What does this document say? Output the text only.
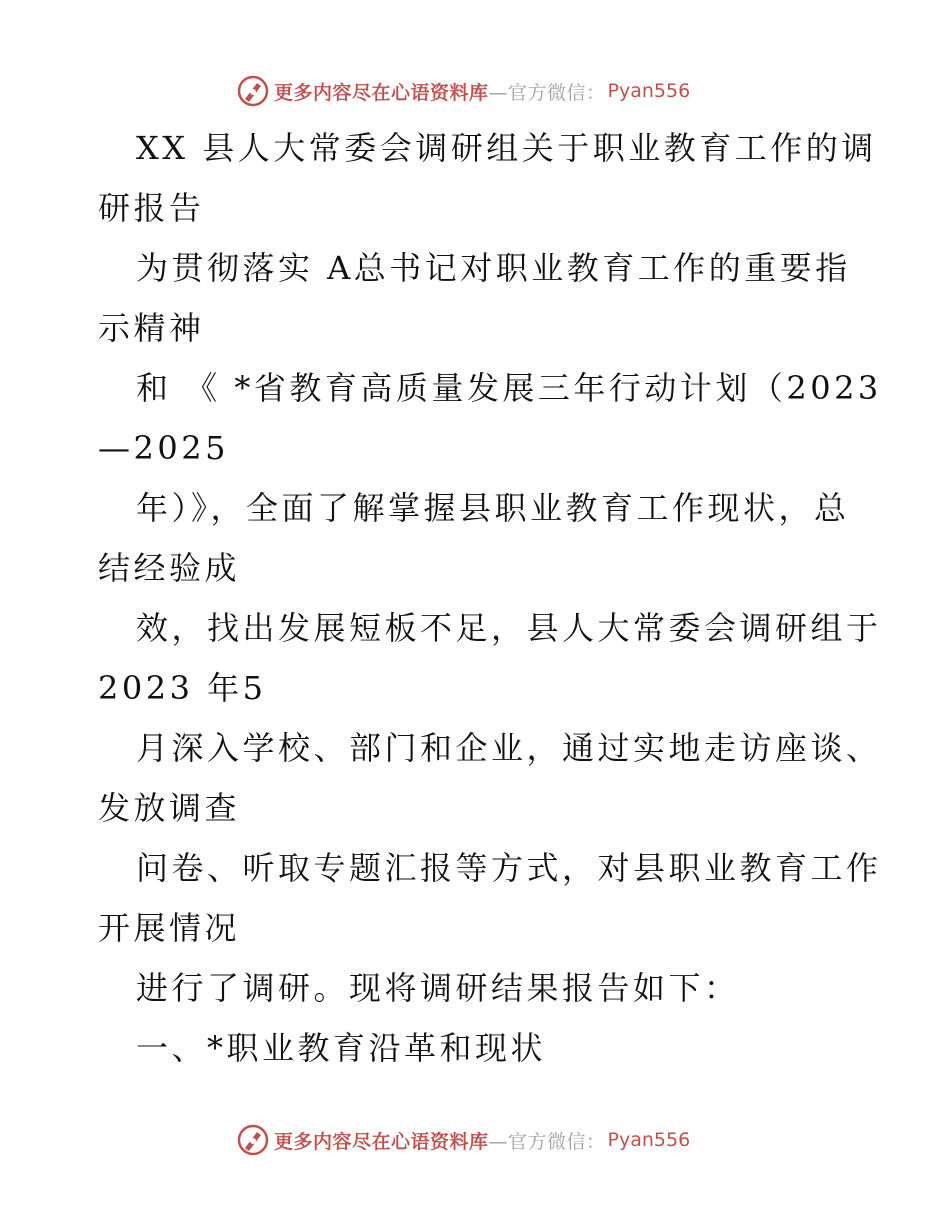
更多内容尽在心语资料库 —官方微信： Pyan556

XX 县人大常委会调研组关于职业教育工作的调

研报告

为贯彻落实 A总书记对职业教育工作的重要指

示精神

和 《 *省教育高质量发展三年行动计划（2023

—2025

年）》，全面了解掌握县职业教育工作现状，总

结经验成

效，找出发展短板不足，县人大常委会调研组于

2023 年5

月深入学校、部门和企业，通过实地走访座谈、

发放调查

问卷、听取专题汇报等方式，对县职业教育工作

开展情况

进行了调研。现将调研结果报告如下：

一、*职业教育沿革和现状

更多内容尽在心语资料库 —官方微信： Pyan556
